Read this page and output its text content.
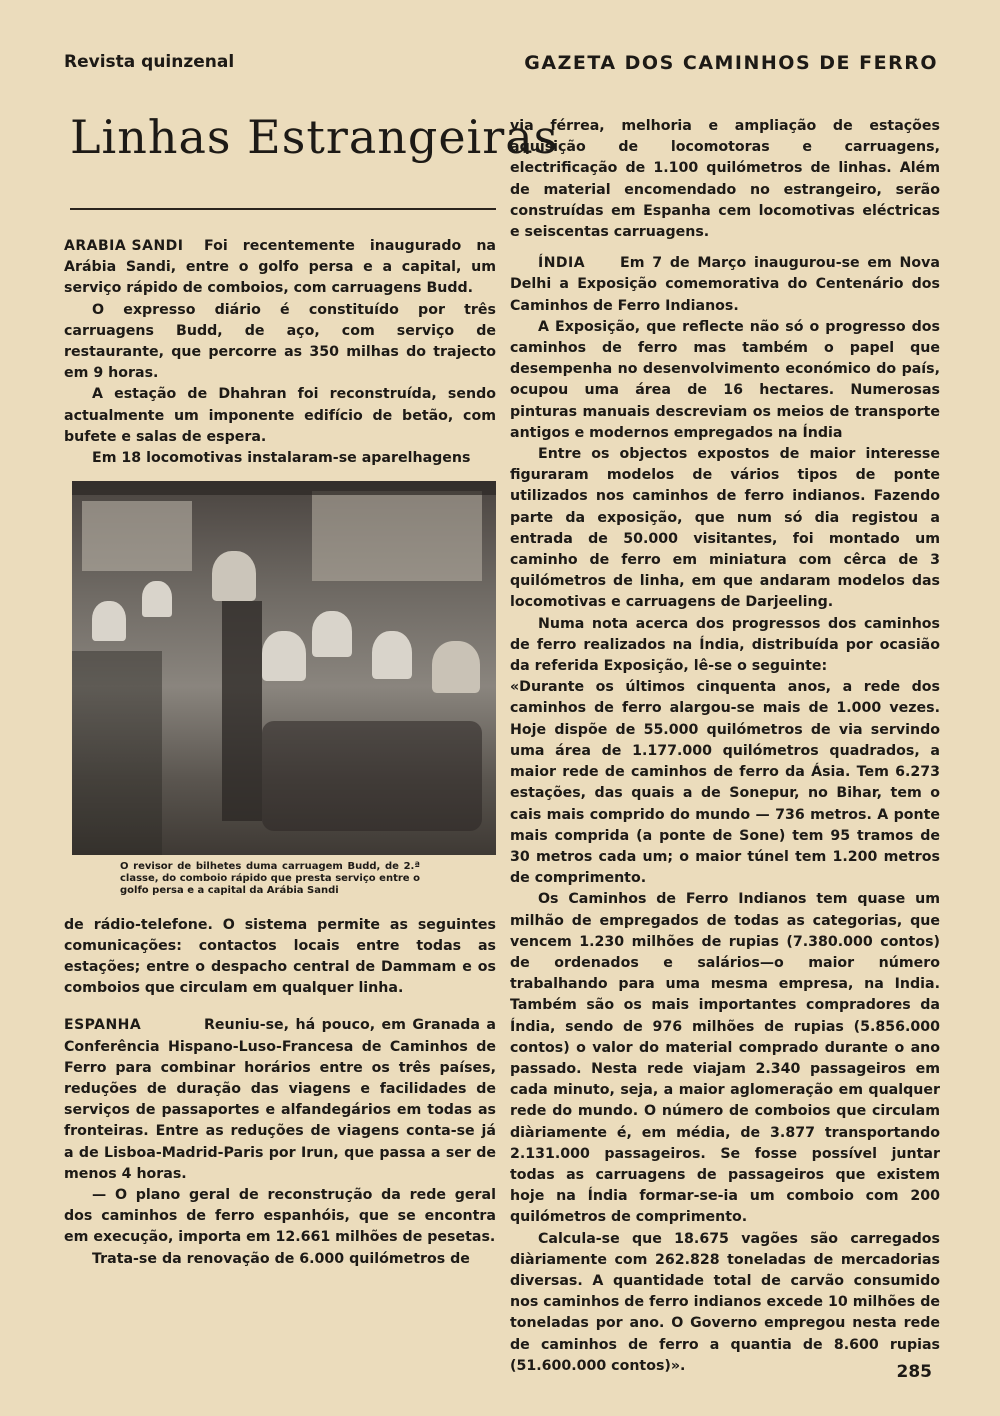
Revista quinzenal	GAZETA DOS CAMINHOS DE FERRO
Linhas Estrangeiras

ARABIA SANDI Foi recentemente inaugurado na Arábia Sandi, entre o golfo persa e a capital, um serviço rápido de comboios, com carruagens Budd.

O expresso diário é constituído por três carruagens Budd, de aço, com serviço de restaurante, que percorre as 350 milhas do trajecto em 9 horas.

A estação de Dhahran foi reconstruída, sendo actualmente um imponente edifício de betão, com bufete e salas de espera.

Em 18 locomotivas instalaram-se aparelhagens

O revisor de bilhetes duma carruagem Budd, de 2.ª classe, do comboio rápido que presta serviço entre o golfo persa e a capital da Arábia Sandi

de rádio-telefone. O sistema permite as seguintes comunicações: contactos locais entre todas as estações; entre o despacho central de Dammam e os comboios que circulam em qualquer linha.

ESPANHA	Reuniu-se, há pouco, em Granada a Conferência Hispano-Luso-Francesa de Caminhos de Ferro para combinar horários entre os três países, reduções de duração das viagens e facilidades de serviços de passaportes e alfandegários em todas as fronteiras. Entre as reduções de viagens conta-se já a de Lisboa-Madrid-Paris por Irun, que passa a ser de menos 4 horas.

— O plano geral de reconstrução da rede geral dos caminhos de ferro espanhóis, que se encontra em execução, importa em 12.661 milhões de pesetas.

Trata-se da renovação de 6.000 quilómetros de

via férrea, melhoria e ampliação de estações aquisição de locomotoras e carruagens, electrificação de 1.100 quilómetros de linhas. Além de material encomendado no estrangeiro, serão construídas em Espanha cem locomotivas eléctricas e seiscentas carruagens.

ÍNDIA Em 7 de Março inaugurou-se em Nova Delhi a Exposição comemorativa do Centenário dos Caminhos de Ferro Indianos.

A Exposição, que reflecte não só o progresso dos caminhos de ferro mas também o papel que desempenha no desenvolvimento económico do país, ocupou uma área de 16 hectares. Numerosas pinturas manuais descreviam os meios de transporte antigos e modernos empregados na Índia

Entre os objectos expostos de maior interesse figuraram modelos de vários tipos de ponte utilizados nos caminhos de ferro indianos. Fazendo parte da exposição, que num só dia registou a entrada de 50.000 visitantes, foi montado um caminho de ferro em miniatura com cêrca de 3 quilómetros de linha, em que andaram modelos das locomotivas e carruagens de Darjeeling.

Numa nota acerca dos progressos dos caminhos de ferro realizados na Índia, distribuída por ocasião da referida Exposição, lê-se o seguinte:

«Durante os últimos cinquenta anos, a rede dos caminhos de ferro alargou-se mais de 1.000 vezes. Hoje dispõe de 55.000 quilómetros de via servindo uma área de 1.177.000 quilómetros quadrados, a maior rede de caminhos de ferro da Ásia. Tem 6.273 estações, das quais a de Sonepur, no Bihar, tem o cais mais comprido do mundo — 736 metros. A ponte mais comprida (a ponte de Sone) tem 95 tramos de 30 metros cada um; o maior túnel tem 1.200 metros de comprimento.

Os Caminhos de Ferro Indianos tem quase um milhão de empregados de todas as categorias, que vencem 1.230 milhões de rupias (7.380.000 contos) de ordenados e salários—o maior número trabalhando para uma mesma empresa, na India. Também são os mais importantes compradores da Índia, sendo de 976 milhões de rupias (5.856.000 contos) o valor do material comprado durante o ano passado. Nesta rede viajam 2.340 passageiros em cada minuto, seja, a maior aglomeração em qualquer rede do mundo. O número de comboios que circulam diàriamente é, em média, de 3.877 transportando 2.131.000 passageiros. Se fosse possível juntar todas as carruagens de passageiros que existem hoje na Índia formar-se-ia um comboio com 200 quilómetros de comprimento.

Calcula-se que 18.675 vagões são carregados diàriamente com 262.828 toneladas de mercadorias diversas. A quantidade total de carvão consumido nos caminhos de ferro indianos excede 10 milhões de toneladas por ano. O Governo empregou nesta rede de caminhos de ferro a quantia de 8.600 rupias (51.600.000 contos)».	285
